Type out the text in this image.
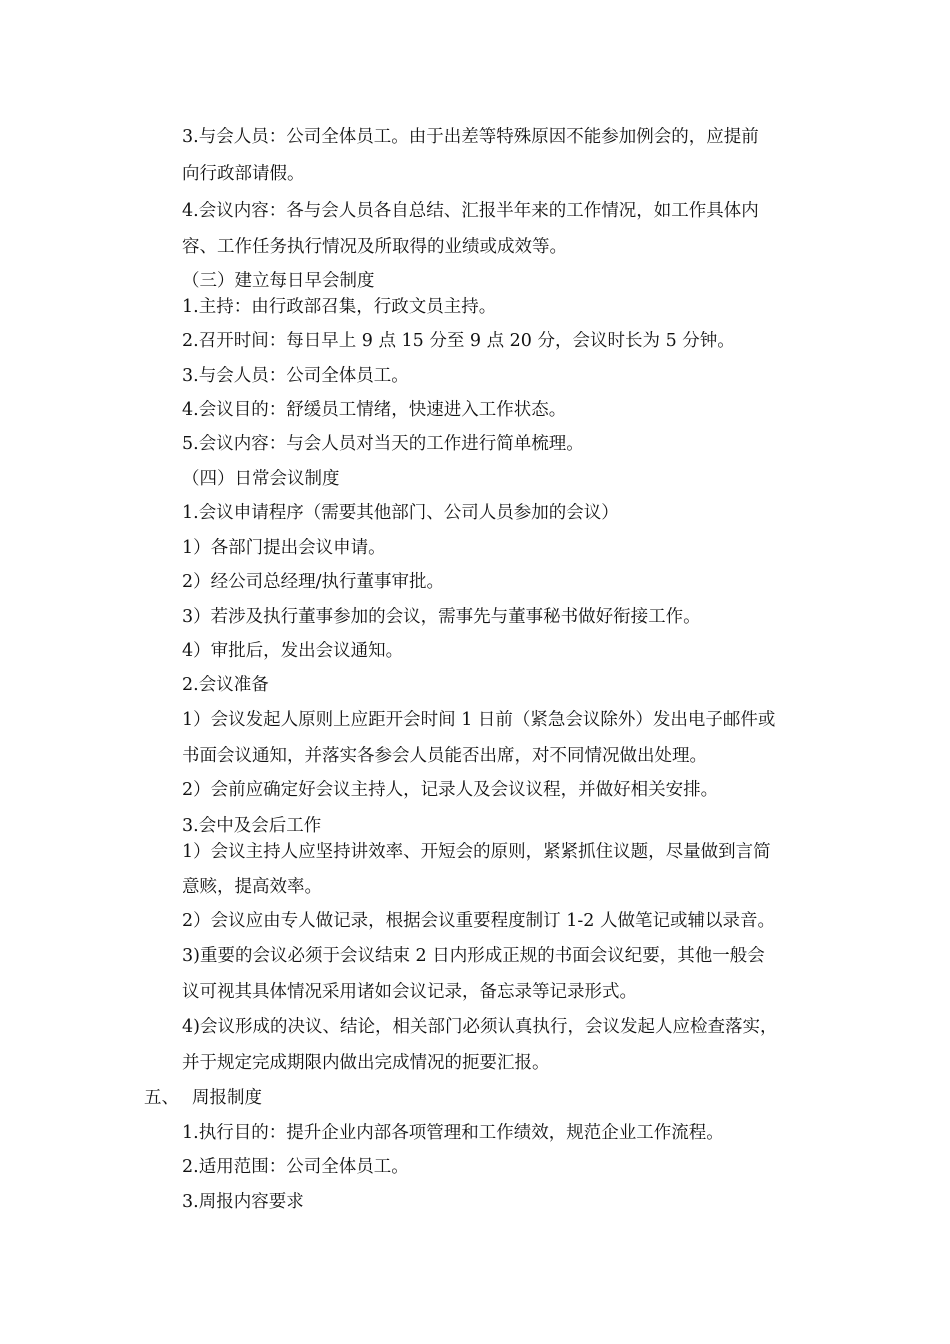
3.与会人员：公司全体员工。由于出差等特殊原因不能参加例会的，应提前

向行政部请假。

4.会议内容：各与会人员各自总结、汇报半年来的工作情况，如工作具体内

容、工作任务执行情况及所取得的业绩或成效等。

（三）建立每日早会制度

1.主持：由行政部召集，行政文员主持。

2.召开时间：每日早上 9 点 15 分至 9 点 20 分，会议时长为 5 分钟。

3.与会人员：公司全体员工。

4.会议目的：舒缓员工情绪，快速进入工作状态。

5.会议内容：与会人员对当天的工作进行简单梳理。

（四）日常会议制度

1.会议申请程序（需要其他部门、公司人员参加的会议）

1）各部门提出会议申请。

2）经公司总经理/执行董事审批。

3）若涉及执行董事参加的会议，需事先与董事秘书做好衔接工作。

4）审批后，发出会议通知。

2.会议准备

1）会议发起人原则上应距开会时间 1 日前（紧急会议除外）发出电子邮件或

书面会议通知，并落实各参会人员能否出席，对不同情况做出处理。

2）会前应确定好会议主持人，记录人及会议议程，并做好相关安排。

3.会中及会后工作

1）会议主持人应坚持讲效率、开短会的原则，紧紧抓住议题，尽量做到言简

意赅，提高效率。

2）会议应由专人做记录，根据会议重要程度制订 1-2 人做笔记或辅以录音。

3)重要的会议必须于会议结束 2 日内形成正规的书面会议纪要，其他一般会

议可视其具体情况采用诸如会议记录，备忘录等记录形式。

4)会议形成的决议、结论，相关部门必须认真执行，会议发起人应检查落实，

并于规定完成期限内做出完成情况的扼要汇报。

五、 周报制度

1.执行目的：提升企业内部各项管理和工作绩效，规范企业工作流程。

2.适用范围：公司全体员工。

3.周报内容要求
